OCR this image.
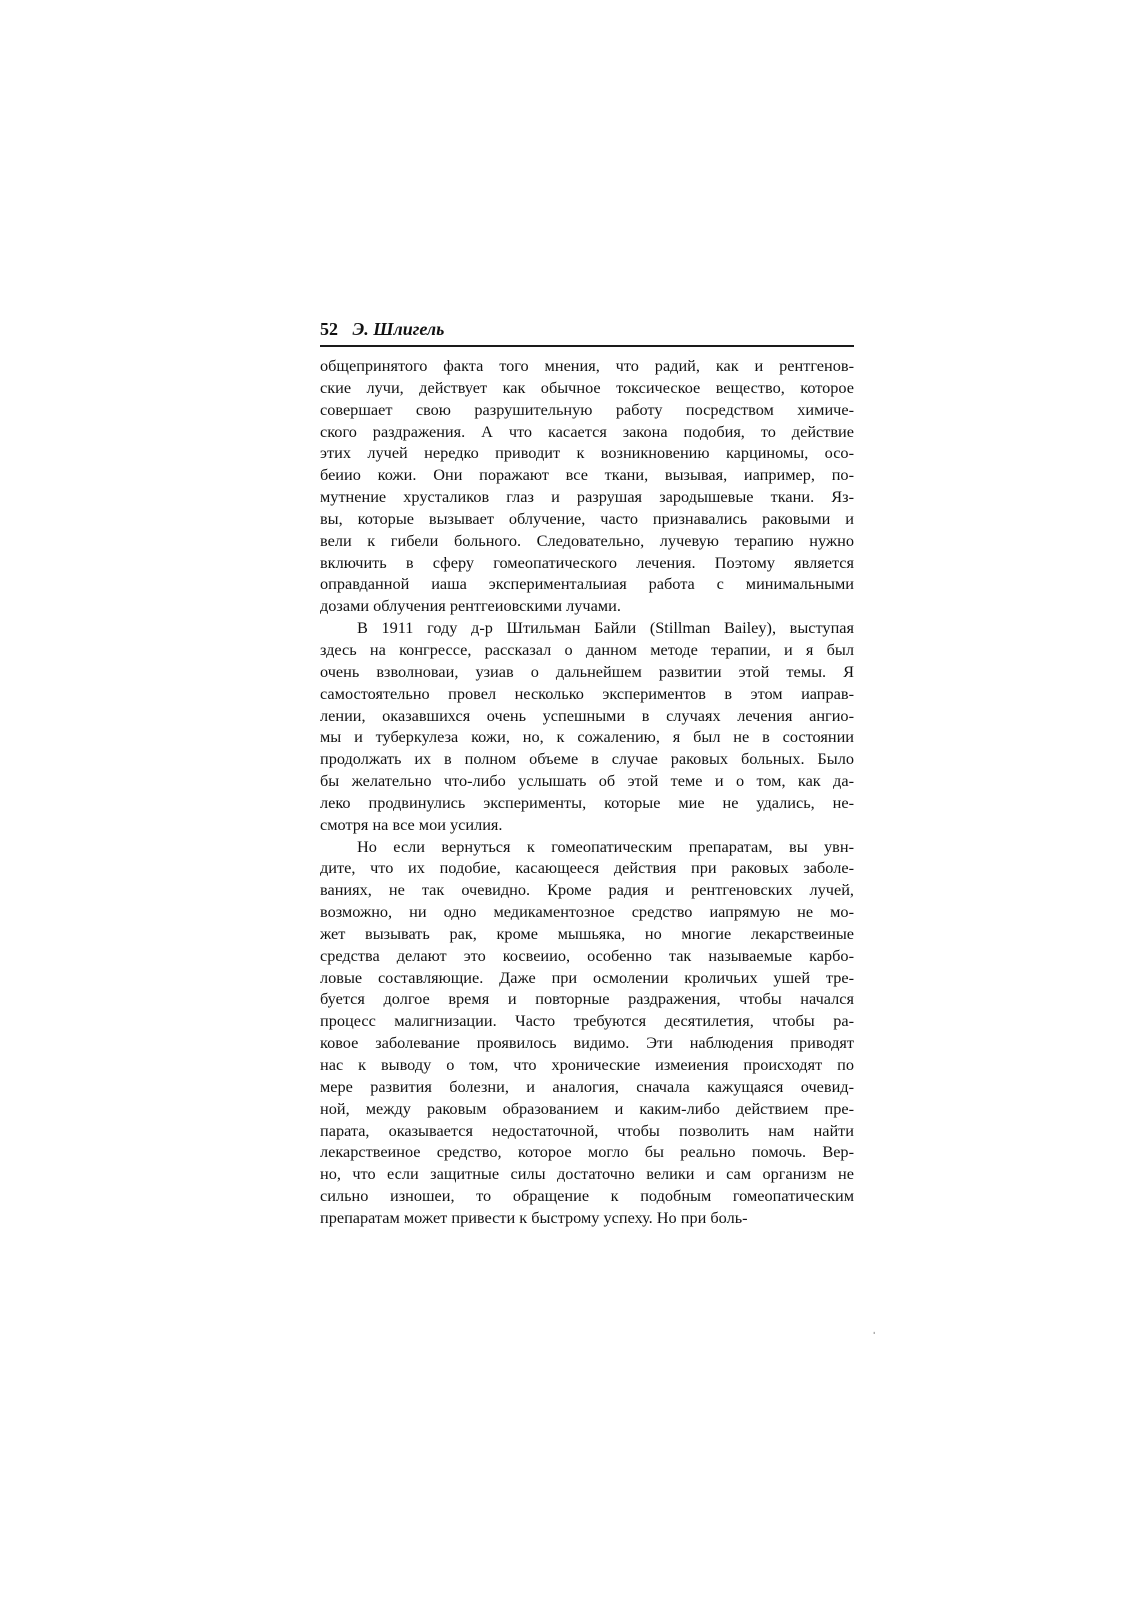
52 Э. Шлигель
общепринятого факта того мнения, что радий, как и рентгенов-
ские лучи, действует как обычное токсическое вещество, которое
совершает свою разрушительную работу посредством химиче-
ского раздражения. А что касается закона подобия, то действие
этих лучей нередко приводит к возникновению карциномы, осо-
беиио кожи. Они поражают все ткани, вызывая, иапример, по-
мутнение хрусталиков глаз и разрушая зародышевые ткани. Яз-
вы, которые вызывает облучение, часто признавались раковыми и
вели к гибели больного. Следовательно, лучевую терапию нужно
включить в сферу гомеопатического лечения. Поэтому является
оправданной иаша эксперименталыиая работа с минимальными
дозами облучения рентгеиовскими лучами.
В 1911 году д-р Штильман Байли (Stillman Bailey), выступая
здесь на конгрессе, рассказал о данном методе терапии, и я был
очень взволноваи, узиав о дальнейшем развитии этой темы. Я
самостоятельно провел несколько экспериментов в этом иаправ-
лении, оказавшихся очень успешными в случаях лечения ангио-
мы и туберкулеза кожи, но, к сожалению, я был не в состоянии
продолжать их в полном объеме в случае раковых больных. Было
бы желательно что-либо услышать об этой теме и о том, как да-
леко продвинулись эксперименты, которые мие не удались, не-
смотря на все мои усилия.
Но если вернуться к гомеопатическим препаратам, вы увн-
дите, что их подобие, касающееся действия при раковых заболе-
ваниях, не так очевидно. Кроме радия и рентгеновских лучей,
возможно, ни одно медикаментозное средство иапрямую не мо-
жет вызывать рак, кроме мышьяка, но многие лекарствеиные
средства делают это косвеиио, особенно так называемые карбо-
ловые составляющие. Даже при осмолении кроличьих ушей тре-
буется долгое время и повторные раздражения, чтобы начался
процесс малигнизации. Часто требуются десятилетия, чтобы ра-
ковое заболевание проявилось видимо. Эти наблюдения приводят
нас к выводу о том, что хронические измеиения происходят по
мере развития болезни, и аналогия, сначала кажущаяся очевид-
ной, между раковым образованием и каким-либо действием пре-
парата, оказывается недостаточной, чтобы позволить нам найти
лекарствеиное средство, которое могло бы реально помочь. Вер-
но, что если защитные силы достаточно велики и сам организм не
сильно изношеи, то обращение к подобным гомеопатическим
препаратам может привести к быстрому успеху. Но при боль-
ˌ
